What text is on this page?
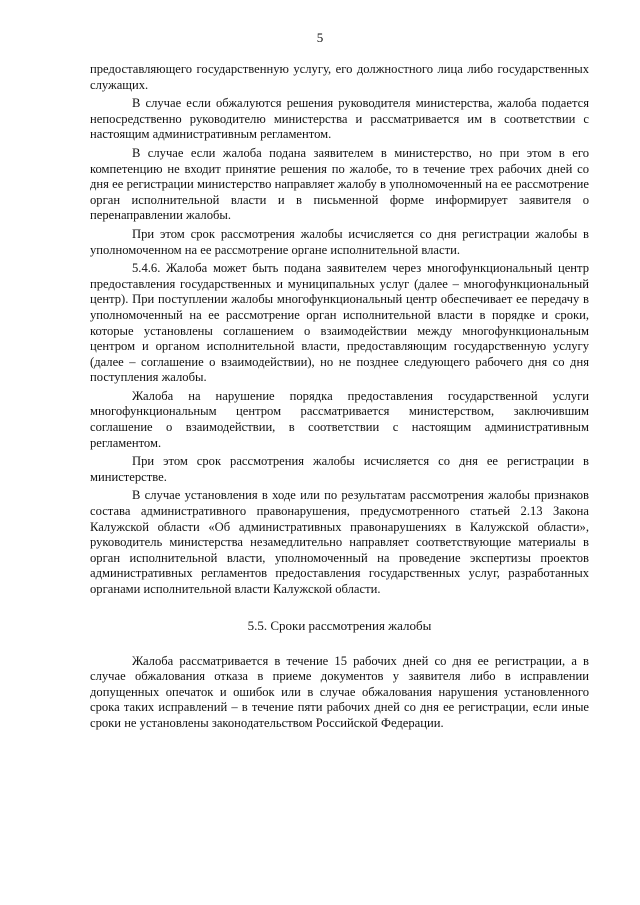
5

предоставляющего государственную услугу, его должностного лица либо государственных служащих.

В случае если обжалуются решения руководителя министерства, жалоба подается непосредственно руководителю министерства и рассматривается им в соответствии с настоящим административным регламентом.

В случае если жалоба подана заявителем в министерство, но при этом в его компетенцию не входит принятие решения по жалобе, то в течение трех рабочих дней со дня ее регистрации министерство направляет жалобу в уполномоченный на ее рассмотрение орган исполнительной власти и в письменной форме информирует заявителя о перенаправлении жалобы.

При этом срок рассмотрения жалобы исчисляется со дня регистрации жалобы в уполномоченном на ее рассмотрение органе исполнительной власти.

5.4.6. Жалоба может быть подана заявителем через многофункциональный центр предоставления государственных и муниципальных услуг (далее – многофункциональный центр). При поступлении жалобы многофункциональный центр обеспечивает ее передачу в уполномоченный на ее рассмотрение орган исполнительной власти в порядке и сроки, которые установлены соглашением о взаимодействии между многофункциональным центром и органом исполнительной власти, предоставляющим государственную услугу (далее – соглашение о взаимодействии), но не позднее следующего рабочего дня со дня поступления жалобы.

Жалоба на нарушение порядка предоставления государственной услуги многофункциональным центром рассматривается министерством, заключившим соглашение о взаимодействии, в соответствии с настоящим административным регламентом.

При этом срок рассмотрения жалобы исчисляется со дня ее регистрации в министерстве.

В случае установления в ходе или по результатам рассмотрения жалобы признаков состава административного правонарушения, предусмотренного статьей 2.13 Закона Калужской области «Об административных правонарушениях в Калужской области», руководитель министерства незамедлительно направляет соответствующие материалы в орган исполнительной власти, уполномоченный на проведение экспертизы проектов административных регламентов предоставления государственных услуг, разработанных органами исполнительной власти Калужской области.

5.5. Сроки рассмотрения жалобы

Жалоба рассматривается в течение 15 рабочих дней со дня ее регистрации, а в случае обжалования отказа в приеме документов у заявителя либо в исправлении допущенных опечаток и ошибок или в случае обжалования нарушения установленного срока таких исправлений – в течение пяти рабочих дней со дня ее регистрации, если иные сроки не установлены законодательством Российской Федерации.
